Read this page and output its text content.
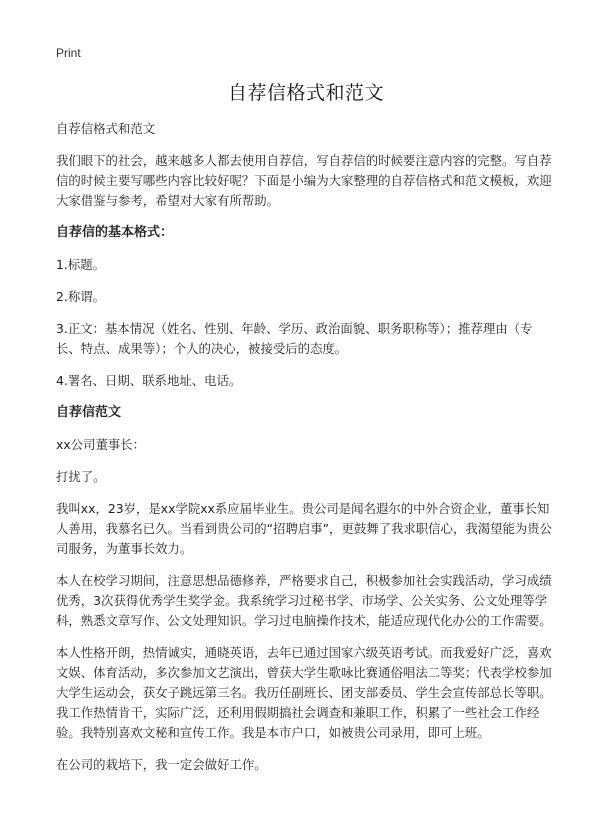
Print
自荐信格式和范文

自荐信格式和范文

我们眼下的社会，越来越多人都去使用自荐信，写自荐信的时候要注意内容的完整。写自荐信的时候主要写哪些内容比较好呢？下面是小编为大家整理的自荐信格式和范文模板，欢迎大家借鉴与参考，希望对大家有所帮助。

自荐信的基本格式：

1.标题。

2.称谓。

3.正文：基本情况（姓名、性别、年龄、学历、政治面貌、职务职称等）；推荐理由（专长、特点、成果等）；个人的决心，被接受后的态度。

4.署名、日期、联系地址、电话。

自荐信范文

xx公司董事长：

打扰了。

我叫xx，23岁，是xx学院xx系应届毕业生。贵公司是闻名遐尔的中外合资企业，董事长知人善用，我慕名已久。当看到贵公司的“招聘启事”，更鼓舞了我求职信心，我渴望能为贵公司服务，为董事长效力。

本人在校学习期间，注意思想品德修养，严格要求自己，积极参加社会实践活动，学习成绩优秀，3次获得优秀学生奖学金。我系统学习过秘书学、市场学、公关实务、公文处理等学科，熟悉文章写作、公文处理知识。学习过电脑操作技术，能适应现代化办公的工作需要。

本人性格开朗，热情诚实，通晓英语，去年已通过国家六级英语考试。而我爱好广泛，喜欢文娱、体育活动，多次参加文艺演出，曾获大学生歌咏比赛通俗唱法二等奖；代表学校参加大学生运动会，获女子跳远第三名。我历任副班长、团支部委员、学生会宣传部总长等职。我工作热情肯干，实际广泛，还利用假期搞社会调查和兼职工作，积累了一些社会工作经验。我特别喜欢文秘和宣传工作。我是本市户口，如被贵公司录用，即可上班。

在公司的栽培下，我一定会做好工作。
